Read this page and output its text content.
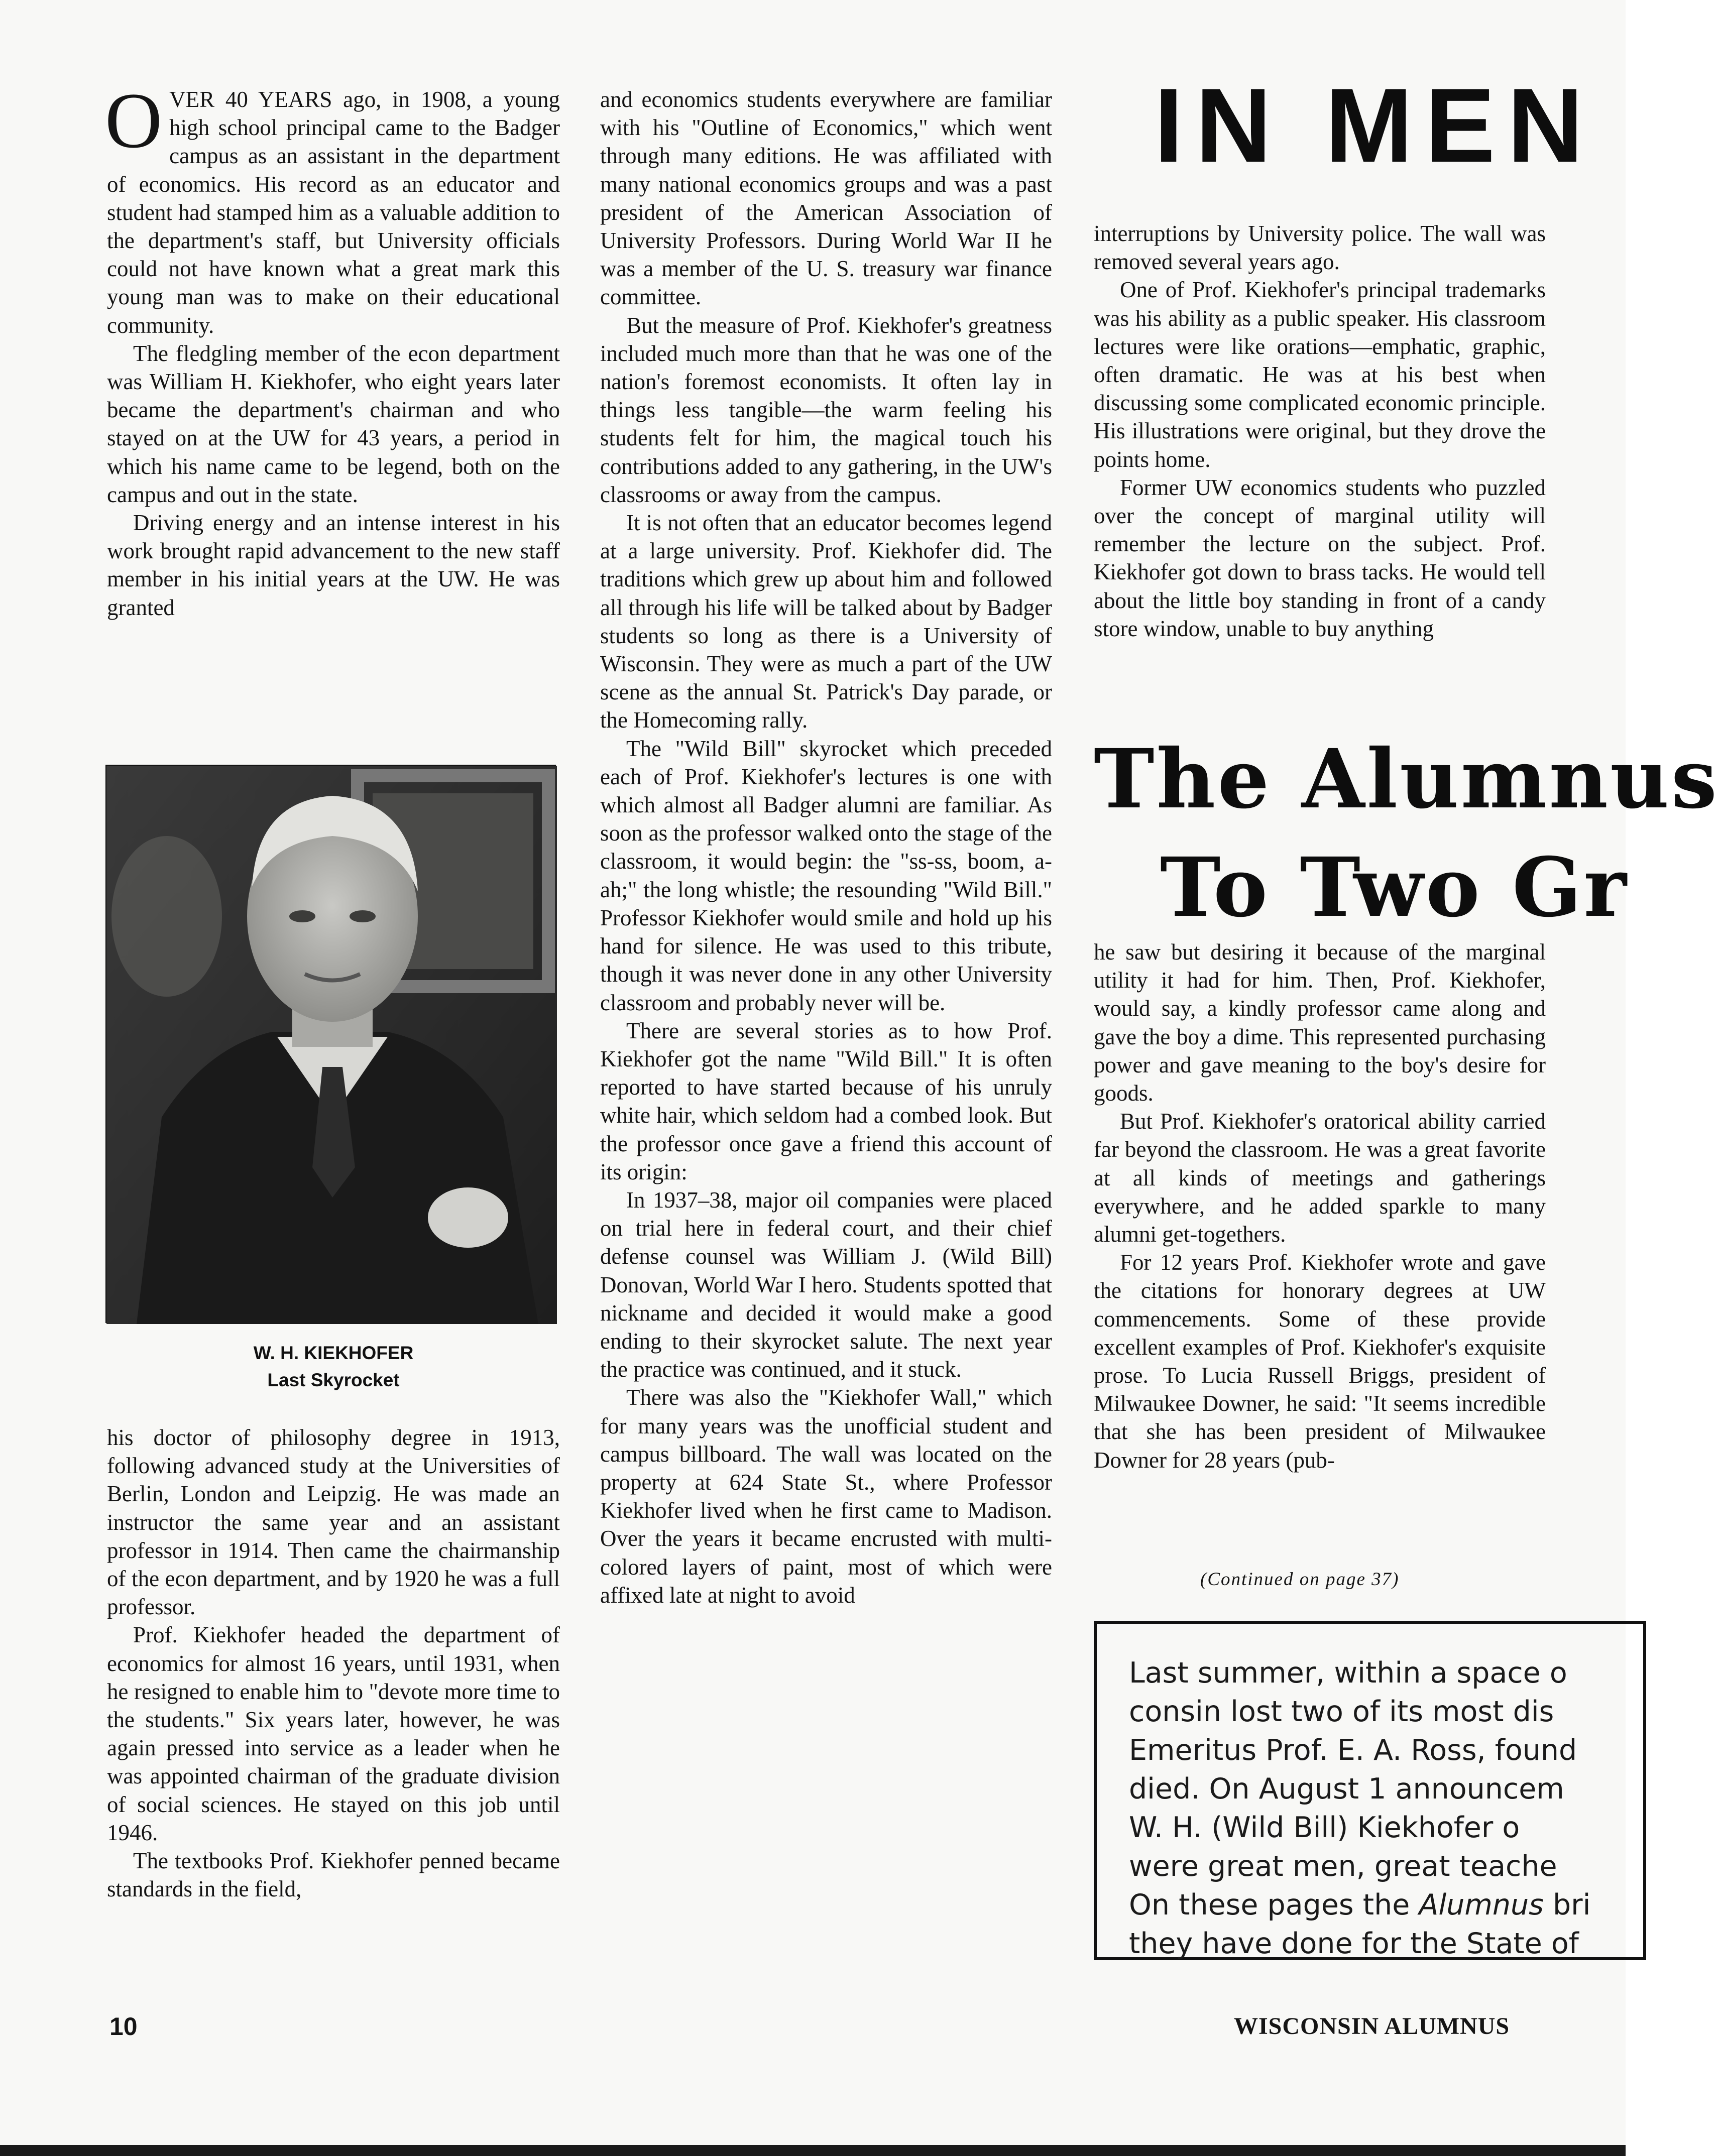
OVER 40 YEARS ago, in 1908, a young high school principal came to the Badger campus as an assistant in the department of economics. His record as an educator and student had stamped him as a valuable addition to the department's staff, but University officials could not have known what a great mark this young man was to make on their educational community.

The fledgling member of the econ department was William H. Kiekhofer, who eight years later became the department's chairman and who stayed on at the UW for 43 years, a period in which his name came to be legend, both on the campus and out in the state.

Driving energy and an intense interest in his work brought rapid advancement to the new staff member in his initial years at the UW. He was granted

W. H. KIEKHOFER
Last Skyrocket

his doctor of philosophy degree in 1913, following advanced study at the Universities of Berlin, London and Leipzig. He was made an instructor the same year and an assistant professor in 1914. Then came the chairmanship of the econ department, and by 1920 he was a full professor.

Prof. Kiekhofer headed the department of economics for almost 16 years, until 1931, when he resigned to enable him to "devote more time to the students." Six years later, however, he was again pressed into service as a leader when he was appointed chairman of the graduate division of social sciences. He stayed on this job until 1946.

The textbooks Prof. Kiekhofer penned became standards in the field,

and economics students everywhere are familiar with his "Outline of Economics," which went through many editions. He was affiliated with many national economics groups and was a past president of the American Association of University Professors. During World War II he was a member of the U. S. treasury war finance committee.

But the measure of Prof. Kiekhofer's greatness included much more than that he was one of the nation's foremost economists. It often lay in things less tangible—the warm feeling his students felt for him, the magical touch his contributions added to any gathering, in the UW's classrooms or away from the campus.

It is not often that an educator becomes legend at a large university. Prof. Kiekhofer did. The traditions which grew up about him and followed all through his life will be talked about by Badger students so long as there is a University of Wisconsin. They were as much a part of the UW scene as the annual St. Patrick's Day parade, or the Homecoming rally.

The "Wild Bill" skyrocket which preceded each of Prof. Kiekhofer's lectures is one with which almost all Badger alumni are familiar. As soon as the professor walked onto the stage of the classroom, it would begin: the "ss-ss, boom, a-ah;" the long whistle; the resounding "Wild Bill." Professor Kiekhofer would smile and hold up his hand for silence. He was used to this tribute, though it was never done in any other University classroom and probably never will be.

There are several stories as to how Prof. Kiekhofer got the name "Wild Bill." It is often reported to have started because of his unruly white hair, which seldom had a combed look. But the professor once gave a friend this account of its origin:

In 1937–38, major oil companies were placed on trial here in federal court, and their chief defense counsel was William J. (Wild Bill) Donovan, World War I hero. Students spotted that nickname and decided it would make a good ending to their skyrocket salute. The next year the practice was continued, and it stuck.

There was also the "Kiekhofer Wall," which for many years was the unofficial student and campus billboard. The wall was located on the property at 624 State St., where Professor Kiekhofer lived when he first came to Madison. Over the years it became encrusted with multi-colored layers of paint, most of which were affixed late at night to avoid

IN MEN

interruptions by University police. The wall was removed several years ago.

One of Prof. Kiekhofer's principal trademarks was his ability as a public speaker. His classroom lectures were like orations—emphatic, graphic, often dramatic. He was at his best when discussing some complicated economic principle. His illustrations were original, but they drove the points home.

Former UW economics students who puzzled over the concept of marginal utility will remember the lecture on the subject. Prof. Kiekhofer got down to brass tacks. He would tell about the little boy standing in front of a candy store window, unable to buy anything

The Alumnus
To Two Gr

he saw but desiring it because of the marginal utility it had for him. Then, Prof. Kiekhofer, would say, a kindly professor came along and gave the boy a dime. This represented purchasing power and gave meaning to the boy's desire for goods.

But Prof. Kiekhofer's oratorical ability carried far beyond the classroom. He was a great favorite at all kinds of meetings and gatherings everywhere, and he added sparkle to many alumni get-togethers.

For 12 years Prof. Kiekhofer wrote and gave the citations for honorary degrees at UW commencements. Some of these provide excellent examples of Prof. Kiekhofer's exquisite prose. To Lucia Russell Briggs, president of Milwaukee Downer, he said: "It seems incredible that she has been president of Milwaukee Downer for 28 years (pub-

(Continued on page 37)
Last summer, within a space o
consin lost two of its most dis
Emeritus Prof. E. A. Ross, found
died. On August 1 announcem
W. H. (Wild Bill) Kiekhofer o
were great men, great teache
On these pages the Alumnus bri
they have done for the State of
10	WISCONSIN ALUMNUS
